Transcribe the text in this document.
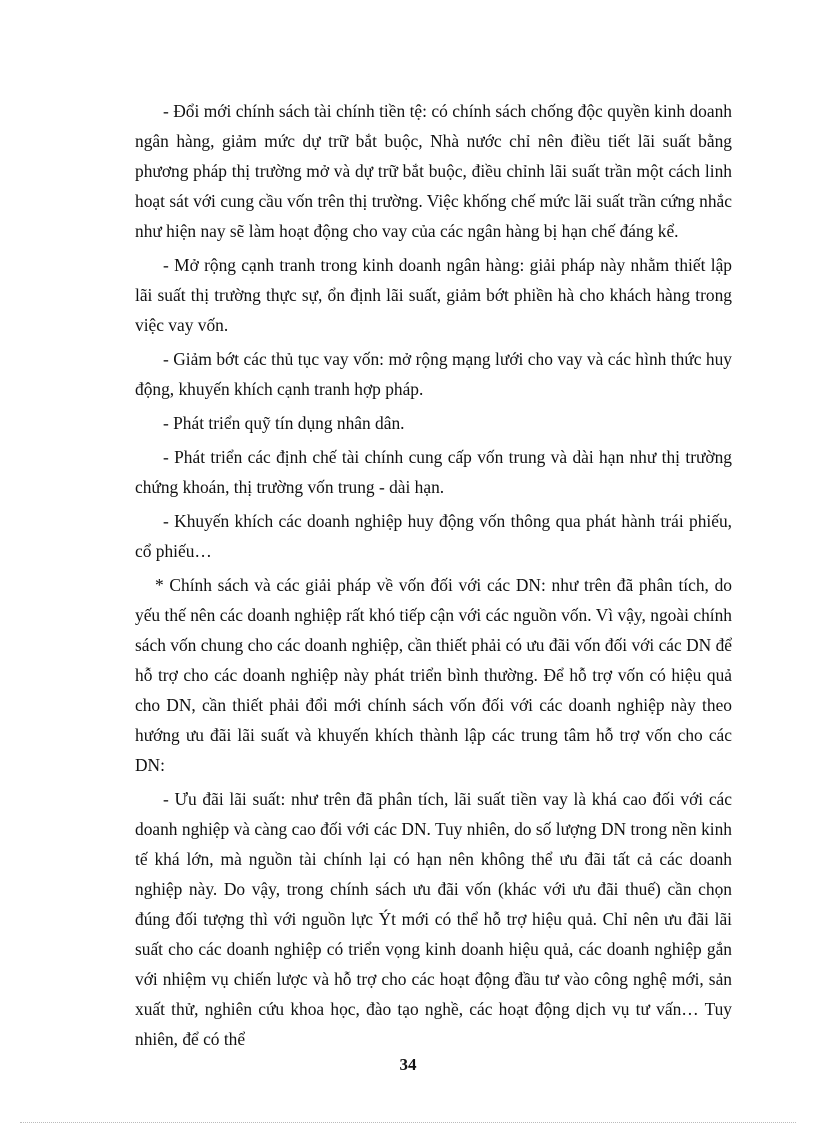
- Đổi mới chính sách tài chính tiền tệ: có chính sách chống độc quyền kinh doanh ngân hàng, giảm mức dự trữ bắt buộc, Nhà nước chỉ nên điều tiết lãi suất bằng phương pháp thị trường mở và dự trữ bắt buộc, điều chỉnh lãi suất trần một cách linh hoạt sát với cung cầu vốn trên thị trường. Việc khống chế mức lãi suất trần cứng nhắc như hiện nay sẽ làm hoạt động cho vay của các ngân hàng bị hạn chế đáng kể.

- Mở rộng cạnh tranh trong kinh doanh ngân hàng: giải pháp này nhằm thiết lập lãi suất thị trường thực sự, ổn định lãi suất, giảm bớt phiền hà cho khách hàng trong việc vay vốn.

- Giảm bớt các thủ tục vay vốn: mở rộng mạng lưới cho vay và các hình thức huy động, khuyến khích cạnh tranh hợp pháp.

- Phát triển quỹ tín dụng nhân dân.

- Phát triển các định chế tài chính cung cấp vốn trung và dài hạn như thị trường chứng khoán, thị trường vốn trung - dài hạn.

- Khuyến khích các doanh nghiệp huy động vốn thông qua phát hành trái phiếu, cổ phiếu…

* Chính sách và các giải pháp về vốn đối với các DN: như trên đã phân tích, do yếu thế nên các doanh nghiệp rất khó tiếp cận với các nguồn vốn. Vì vậy, ngoài chính sách vốn chung cho các doanh nghiệp, cần thiết phải có ưu đãi vốn đối với các DN để hỗ trợ cho các doanh nghiệp này phát triển bình thường. Để hỗ trợ vốn có hiệu quả cho DN, cần thiết phải đổi mới chính sách vốn đối với các doanh nghiệp này theo hướng ưu đãi lãi suất và khuyến khích thành lập các trung tâm hỗ trợ vốn cho các DN:

- Ưu đãi lãi suất: như trên đã phân tích, lãi suất tiền vay là khá cao đối với các doanh nghiệp và càng cao đối với các DN. Tuy nhiên, do số lượng DN trong nền kinh tế khá lớn, mà nguồn tài chính lại có hạn nên không thể ưu đãi tất cả các doanh nghiệp này. Do vậy, trong chính sách ưu đãi vốn (khác với ưu đãi thuế) cần chọn đúng đối tượng thì với nguồn lực Ýt mới có thể hỗ trợ hiệu quả. Chỉ nên ưu đãi lãi suất cho các doanh nghiệp có triển vọng kinh doanh hiệu quả, các doanh nghiệp gắn với nhiệm vụ chiến lược và hỗ trợ cho các hoạt động đầu tư vào công nghệ mới, sản xuất thử, nghiên cứu khoa học, đào tạo nghề, các hoạt động dịch vụ tư vấn… Tuy nhiên, để có thể

34
